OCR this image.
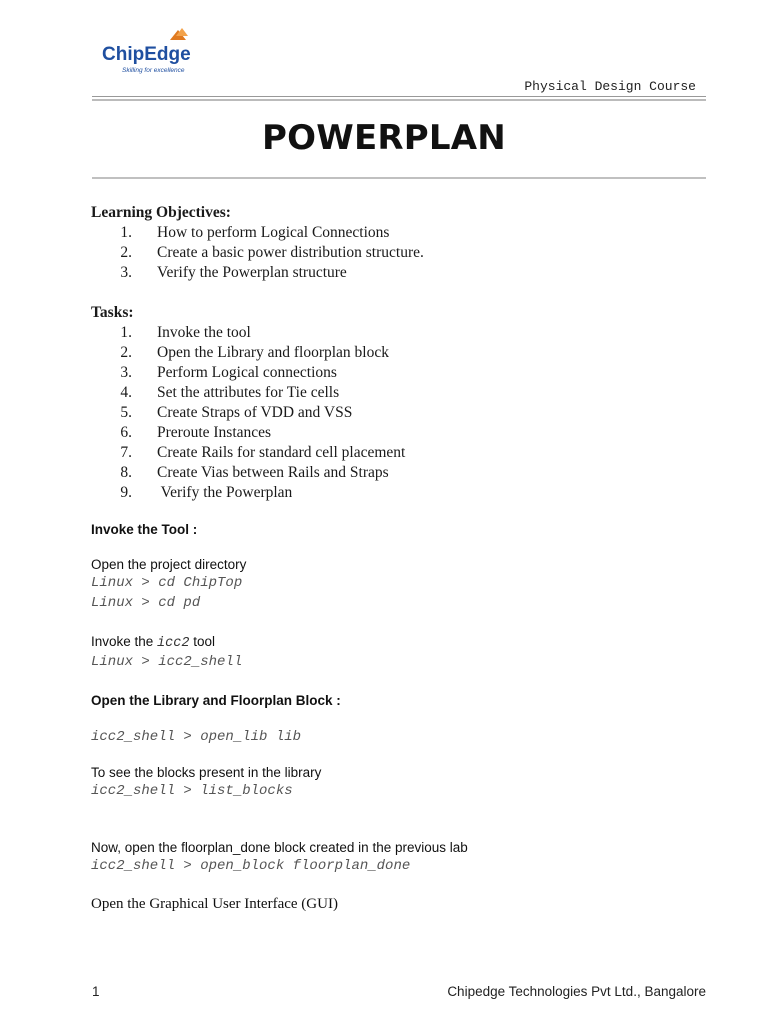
ChipEdge
Skilling for excellence
Physical Design Course
POWERPLAN
Learning Objectives:
1. How to perform Logical Connections
2. Create a basic power distribution structure.
3. Verify the Powerplan structure
Tasks:
1. Invoke the tool
2. Open the Library and floorplan block
3. Perform Logical connections
4. Set the attributes for Tie cells
5. Create Straps of VDD and VSS
6. Preroute Instances
7. Create Rails for standard cell placement
8. Create Vias between Rails and Straps
9. Verify the Powerplan
Invoke the Tool :
Open the project directory
Linux > cd ChipTop
Linux > cd pd
Invoke the icc2 tool
Linux > icc2_shell
Open the Library and Floorplan Block :
icc2_shell > open_lib lib
To see the blocks present in the library
icc2_shell > list_blocks
Now, open the floorplan_done block created in the previous lab
icc2_shell > open_block floorplan_done
Open the Graphical User Interface (GUI)
1	Chipedge Technologies Pvt Ltd., Bangalore
